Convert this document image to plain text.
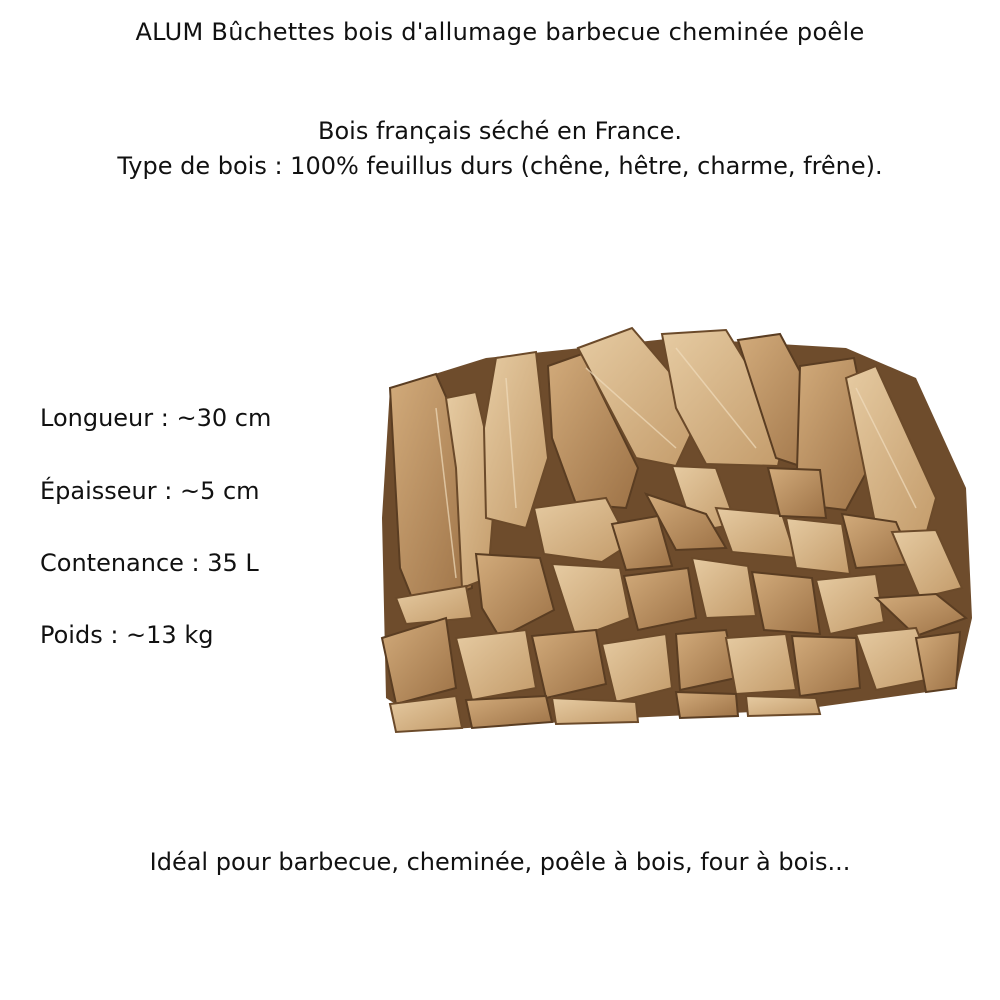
ALUM Bûchettes bois d'allumage barbecue cheminée poêle
Bois français séché en France.
Type de bois : 100% feuillus durs (chêne, hêtre, charme, frêne).
Longueur : ~30 cm
Épaisseur : ~5 cm
Contenance : 35 L
Poids : ~13 kg
Idéal pour barbecue, cheminée, poêle à bois, four à bois...
